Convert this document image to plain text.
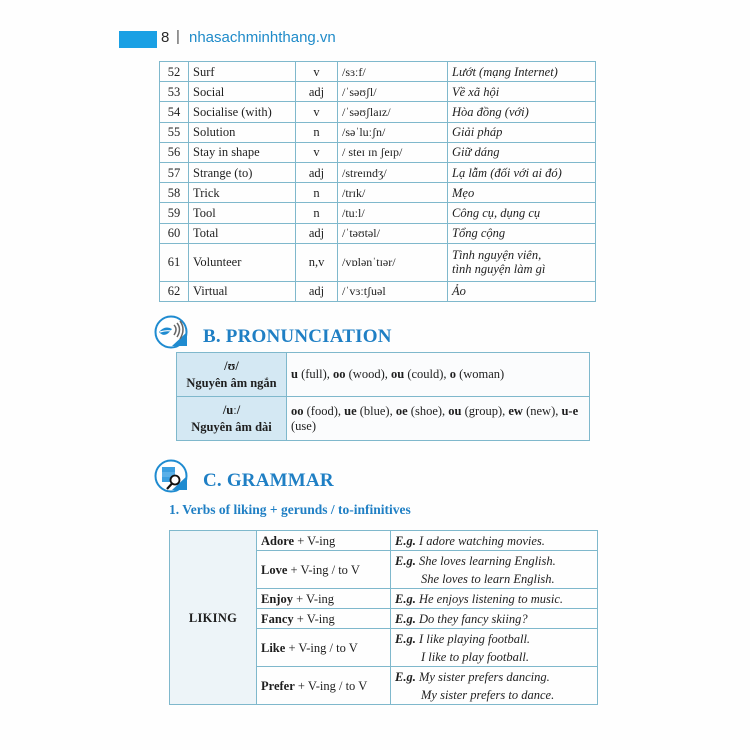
8 | nhasachminhthang.vn
52	Surf	v	/sɜːf/	Lướt (mạng Internet)
53	Social	adj	/ˈsəʊʃl/	Về xã hội
54	Socialise (with)	v	/ˈsəʊʃlaɪz/	Hòa đồng (với)
55	Solution	n	/səˈluːʃn/	Giải pháp
56	Stay in shape	v	/ steɪ ɪn ʃeɪp/	Giữ dáng
57	Strange (to)	adj	/streɪndʒ/	Lạ lẫm (đối với ai đó)
58	Trick	n	/trɪk/	Mẹo
59	Tool	n	/tuːl/	Công cụ, dụng cụ
60	Total	adj	/ˈtəʊtəl/	Tổng cộng
61	Volunteer	n,v	/vɒlənˈtɪər/	Tình nguyện viên,
tình nguyện làm gì
62	Virtual	adj	/ˈvɜːtʃuəl	Ảo
B. PRONUNCIATION
/ʊ/
Nguyên âm ngắn	u (full), oo (wood), ou (could), o (woman)
/uː/
Nguyên âm dài	oo (food), ue (blue), oe (shoe), ou (group), ew (new), u-e (use)
C. GRAMMAR
1. Verbs of liking + gerunds / to-infinitives
LIKING	Adore + V-ing	E.g. I adore watching movies.
	Love + V-ing / to V	E.g. She loves learning English.
She loves to learn English.

	Enjoy + V-ing	E.g. He enjoys listening to music.
	Fancy + V-ing	E.g. Do they fancy skiing?
	Like + V-ing / to V	E.g. I like playing football.
I like to play football.

	Prefer + V-ing / to V	E.g. My sister prefers dancing.
My sister prefers to dance.
